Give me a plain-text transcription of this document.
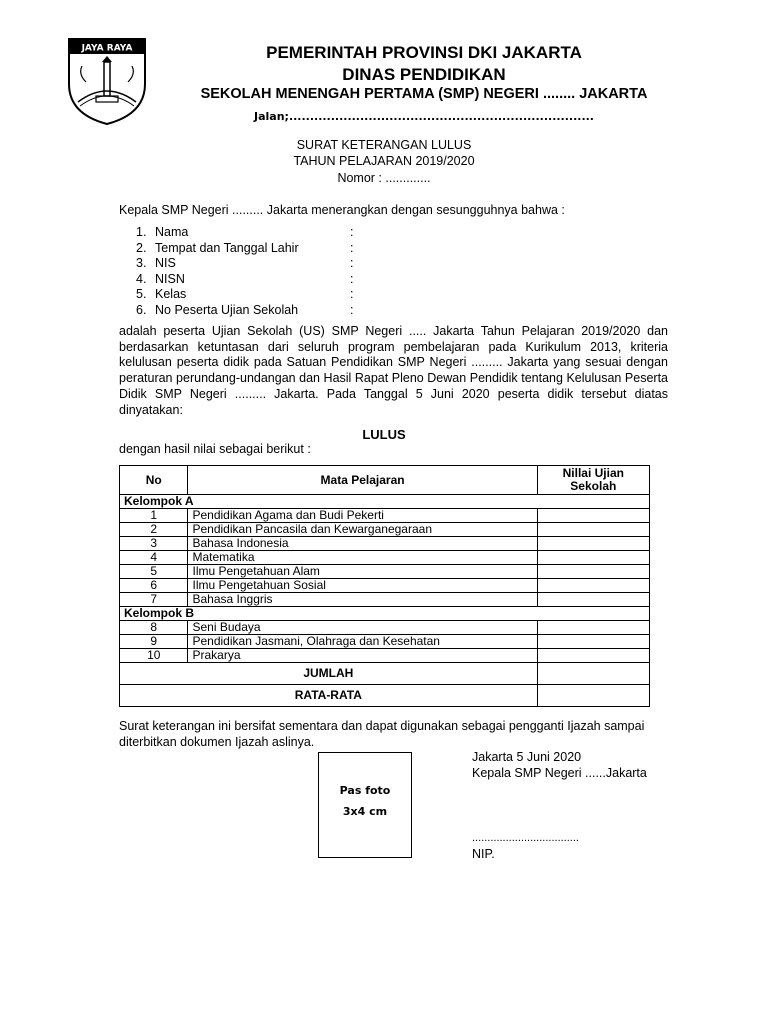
JAYA RAYA	PEMERINTAH PROVINSI DKI JAKARTA
DINAS PENDIDIKAN
SEKOLAH MENENGAH PERTAMA (SMP) NEGERI ........ JAKARTA
Jalan;.........................................................................
SURAT KETERANGAN LULUS
TAHUN PELAJARAN 2019/2020
Nomor : .............
Kepala SMP Negeri ......... Jakarta menerangkan dengan sesungguhnya bahwa :
1. Nama	:
2. Tempat dan Tanggal Lahir	:
3. NIS	:
4. NISN	:
5. Kelas	:
6. No Peserta Ujian Sekolah	:
adalah peserta Ujian Sekolah (US) SMP Negeri ..... Jakarta Tahun Pelajaran 2019/2020 dan berdasarkan ketuntasan dari seluruh program pembelajaran pada Kurikulum 2013, kriteria kelulusan peserta didik pada Satuan Pendidikan SMP Negeri ......... Jakarta yang sesuai dengan peraturan perundang-undangan dan Hasil Rapat Pleno Dewan Pendidik tentang Kelulusan Peserta Didik SMP Negeri ......... Jakarta. Pada Tanggal 5 Juni 2020 peserta didik tersebut diatas dinyatakan:
LULUS
dengan hasil nilai sebagai berikut :
No	Mata Pelajaran	Nillai Ujian Sekolah
Kelompok A		
1	Pendidikan Agama dan Budi Pekerti	
2	Pendidikan Pancasila dan Kewarganegaraan	
3	Bahasa Indonesia	
4	Matematika	
5	Ilmu Pengetahuan Alam	
6	Ilmu Pengetahuan Sosial	
7	Bahasa Inggris	
Kelompok B		
8	Seni Budaya	
9	Pendidikan Jasmani, Olahraga dan Kesehatan	
10	Prakarya	
JUMLAH		
RATA-RATA		
Surat keterangan ini bersifat sementara dan dapat digunakan sebagai pengganti Ijazah sampai diterbitkan dokumen Ijazah aslinya.
Pas foto
3x4 cm
Jakarta 5 Juni 2020
Kepala SMP Negeri ......Jakarta
...................................
NIP.
